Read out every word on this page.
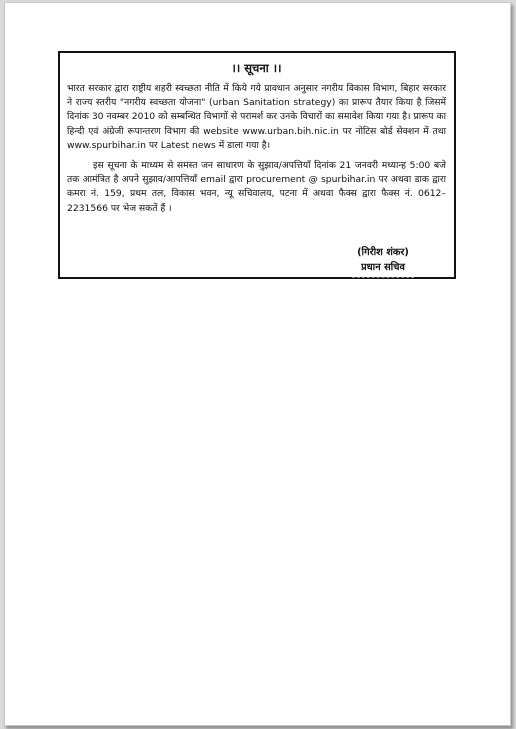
।। सूचना ।।

भारत सरकार द्वारा राष्ट्रीय शहरी स्वच्छता नीति में किये गये प्रावधान अनुसार नगरीय विकास विभाग, बिहार सरकार ने राज्य स्तरीय "नगरीय स्वच्छता योजना" (urban Sanitation strategy) का प्रारूप तैयार किया है जिसमें दिनांक 30 नवम्बर 2010 को सम्बन्धित विभागों से परामर्श कर उनके विचारों का समावेश किया गया है। प्रारूप का हिन्दी एवं अंग्रेजी रूपान्तरण विभाग की website www.urban.bih.nic.in पर नोटिस बोर्ड सेक्शन में तथा www.spurbihar.in पर Latest news में डाला गया है।

इस सूचना के माध्यम से समस्त जन साधारण के सुझाव/अपत्तियाँ दिनांक 21 जनवरी मध्यान्ह 5:00 बजे तक आमंत्रित है अपने सुझाव/आपत्तियाँ email द्वारा procurement @ spurbihar.in पर अथवा डाक द्वारा कमरा नं. 159, प्रथम तल, विकास भवन, न्यू सचिवालय, पटना में अथवा फैक्स द्वारा फैक्स नं. 0612–2231566 पर भेज सकतें हैं ।

(गिरीश शंकर)
प्रधान सचिव
